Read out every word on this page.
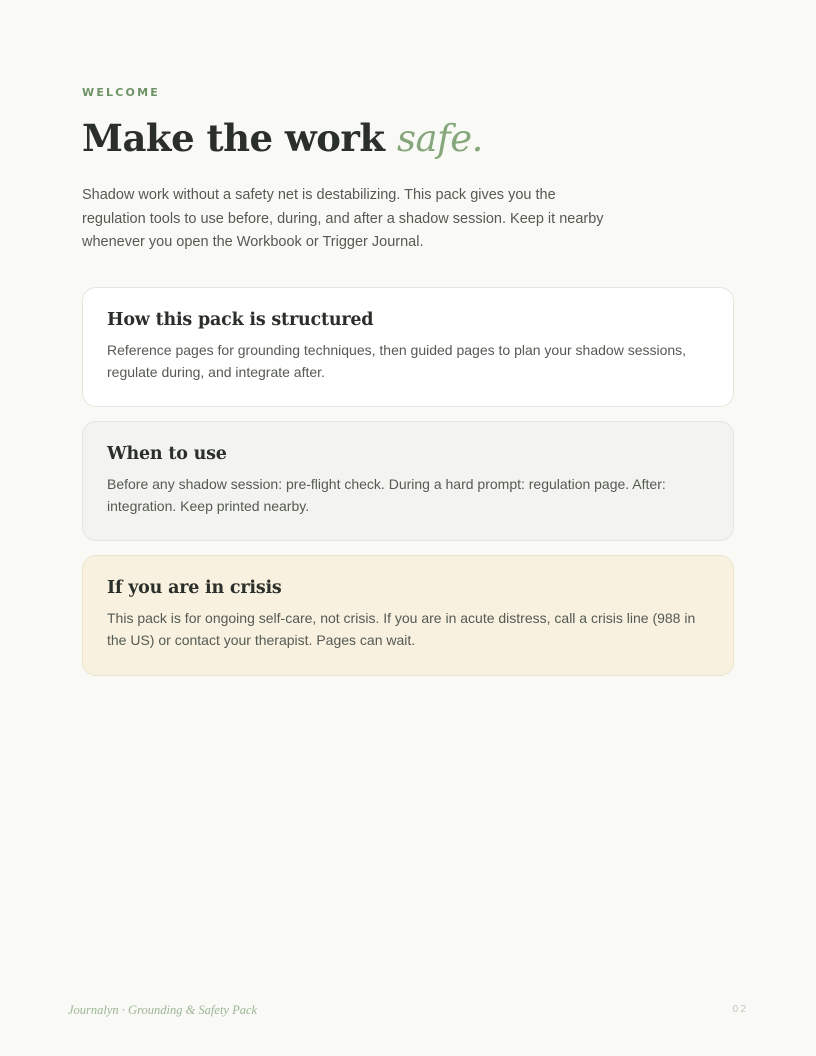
WELCOME
Make the work safe.

Shadow work without a safety net is destabilizing. This pack gives you the regulation tools to use before, during, and after a shadow session. Keep it nearby whenever you open the Workbook or Trigger Journal.

How this pack is structured

Reference pages for grounding techniques, then guided pages to plan your shadow sessions, regulate during, and integrate after.

When to use

Before any shadow session: pre-flight check. During a hard prompt: regulation page. After: integration. Keep printed nearby.

If you are in crisis

This pack is for ongoing self-care, not crisis. If you are in acute distress, call a crisis line (988 in the US) or contact your therapist. Pages can wait.

Journalyn · Grounding & Safety Pack	02
